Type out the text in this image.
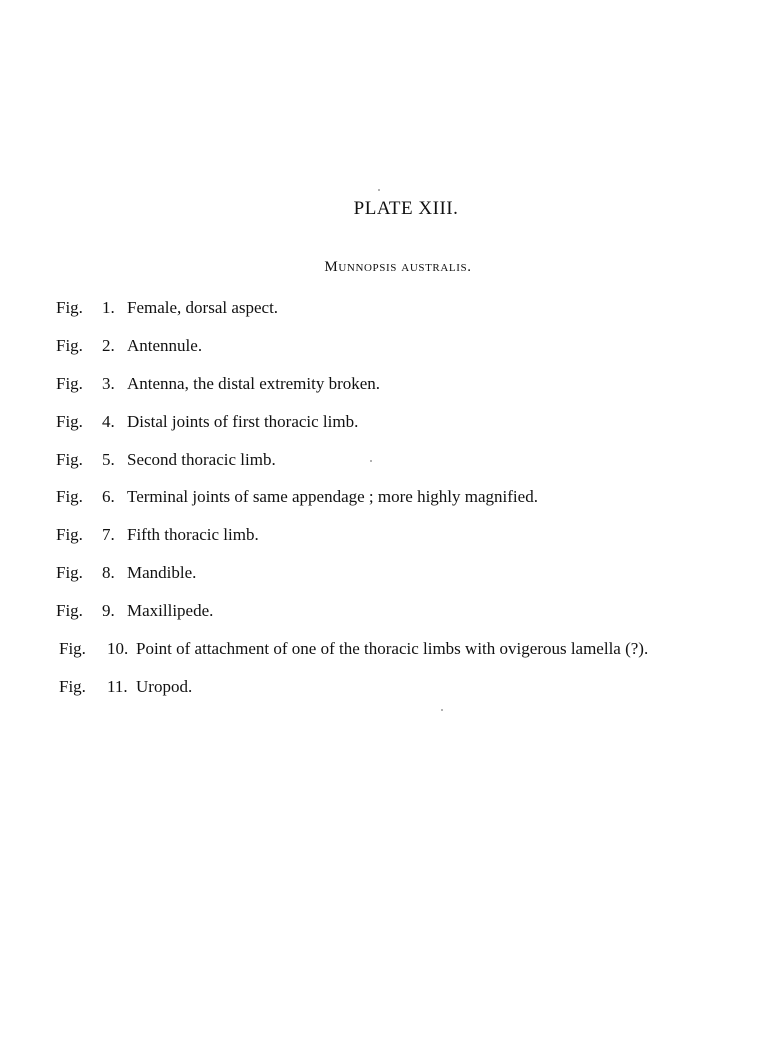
PLATE XIII.
Munnopsis australis.
Fig.	1. Female, dorsal aspect.
Fig.	2. Antennule.
Fig.	3. Antenna, the distal extremity broken.
Fig.	4. Distal joints of first thoracic limb.
Fig.	5. Second thoracic limb.
Fig.	6. Terminal joints of same appendage ; more highly magnified.
Fig.	7. Fifth thoracic limb.
Fig.	8. Mandible.
Fig.	9. Maxillipede.
Fig.	10. Point of attachment of one of the thoracic limbs with ovigerous lamella (?).
Fig.	11. Uropod.
